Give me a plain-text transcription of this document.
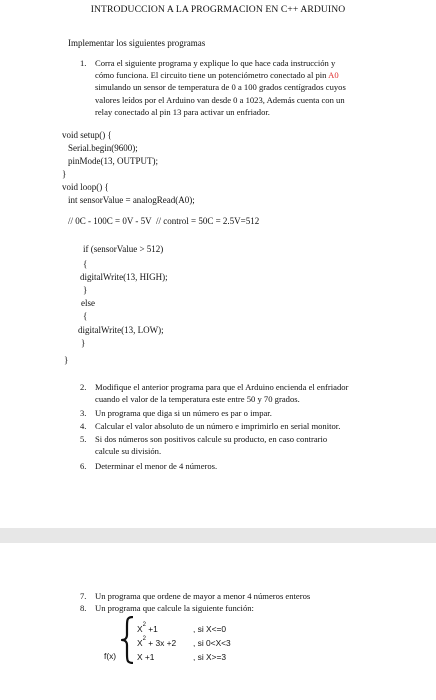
INTRODUCCION A LA PROGRMACION EN C++ ARDUINO
Implementar los siguientes programas
1. Corra el siguiente programa y explique lo que hace cada instrucción y
cómo funciona. El circuito tiene un potenciómetro conectado al pin A0
simulando un sensor de temperatura de 0 a 100 grados centígrados cuyos
valores leídos por el Arduino van desde 0 a 1023, Además cuenta con un
relay conectado al pin 13 para activar un enfriador.
void setup() {
Serial.begin(9600);
pinMode(13, OUTPUT);
}
void loop() {
int sensorValue = analogRead(A0);
// 0C - 100C = 0V - 5V  // control = 50C = 2.5V=512
if (sensorValue > 512)
{
digitalWrite(13, HIGH);
}
else
{
digitalWrite(13, LOW);
}
}
2. Modifique el anterior programa para que el Arduino encienda el enfriador
cuando el valor de la temperatura este entre 50 y 70 grados.
3. Un programa que diga si un número es par o impar.
4. Calcular el valor absoluto de un número e imprimirlo en serial monitor.
5. Si dos números son positivos calcule su producto, en caso contrario
calcule su división.
6. Determinar el menor de 4 números.
7. Un programa que ordene de mayor a menor 4 números enteros
8. Un programa que calcule la siguiente función:
f(x)
$X^2 +1$
$X^2 + 3x +2$
X +1
, si X<=0
, si 0<X<3
, si X>=3
